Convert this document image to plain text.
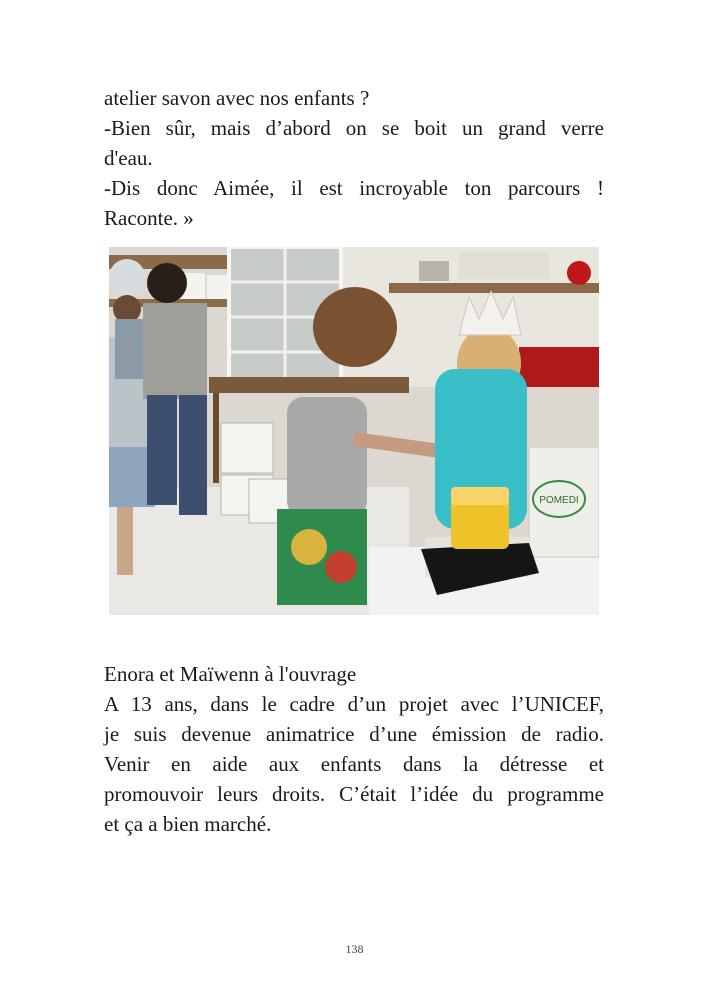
atelier savon avec nos enfants ?

-Bien sûr, mais d’abord on se boit un grand verre

d'eau.

-Dis donc Aimée, il est incroyable ton parcours !

Raconte. »

POMEDI

Enora et Maïwenn à l'ouvrage

A 13 ans, dans le cadre d’un projet avec l’UNICEF,

je suis devenue animatrice d’une émission de radio.

Venir en aide aux enfants dans la détresse et

promouvoir leurs droits. C’était l’idée du programme

et ça a bien marché.

138
